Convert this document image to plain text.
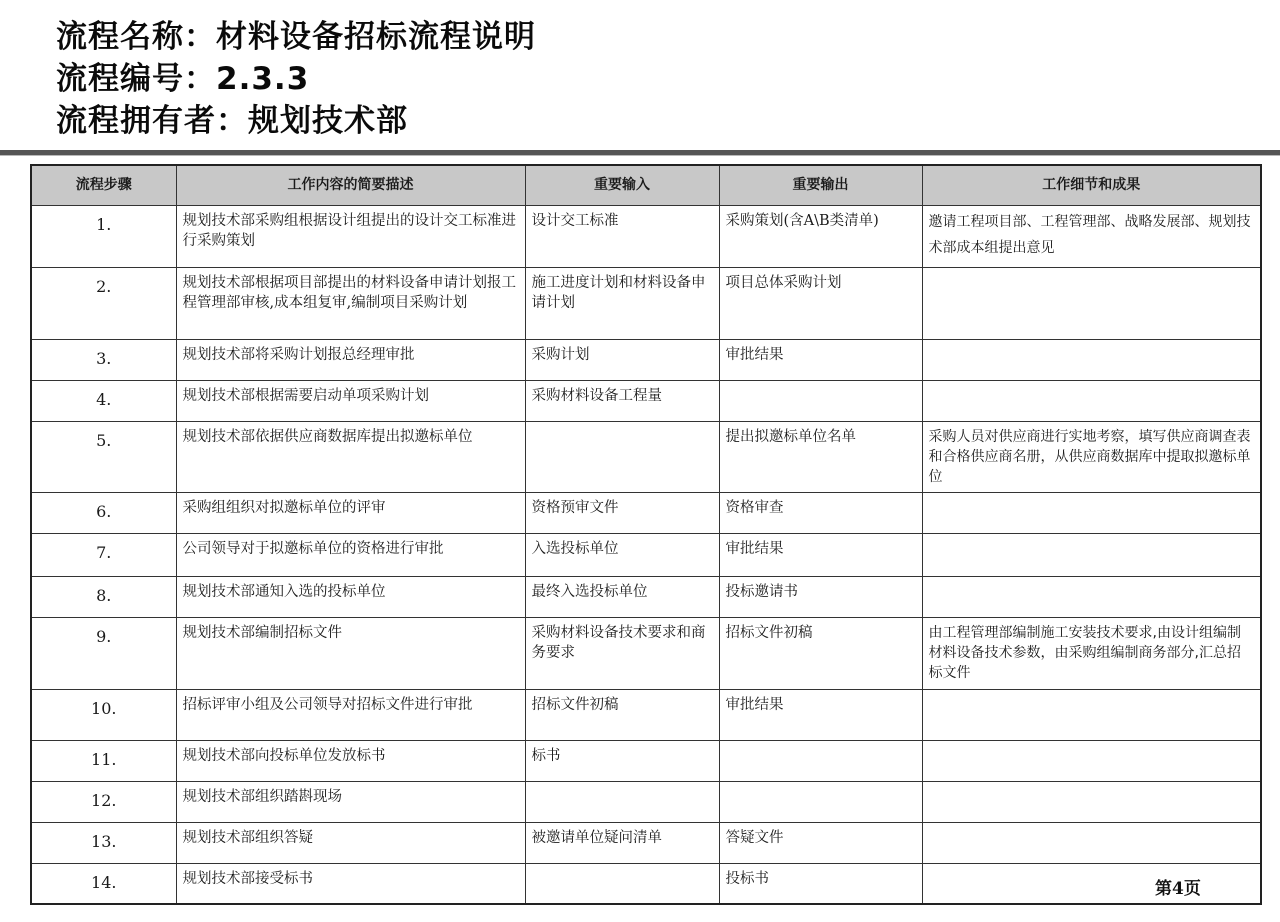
流程名称：材料设备招标流程说明
流程编号：2.3.3
流程拥有者：规划技术部
流程步骤	工作内容的简要描述	重要输入	重要输出	工作细节和成果
1.	规划技术部采购组根据设计组提出的设计交工标准进行采购策划	设计交工标准	采购策划(含A\B类清单)	邀请工程项目部、工程管理部、战略发展部、规划技术部成本组提出意见
2.	规划技术部根据项目部提出的材料设备申请计划报工程管理部审核,成本组复审,编制项目采购计划	施工进度计划和材料设备申请计划	项目总体采购计划	
3.	规划技术部将采购计划报总经理审批	采购计划	审批结果	
4.	规划技术部根据需要启动单项采购计划	采购材料设备工程量		
5.	规划技术部依据供应商数据库提出拟邀标单位		提出拟邀标单位名单	采购人员对供应商进行实地考察，填写供应商调查表和合格供应商名册，从供应商数据库中提取拟邀标单位
6.	采购组组织对拟邀标单位的评审	资格预审文件	资格审查	
7.	公司领导对于拟邀标单位的资格进行审批	入选投标单位	审批结果	
8.	规划技术部通知入选的投标单位	最终入选投标单位	投标邀请书	
9.	规划技术部编制招标文件	采购材料设备技术要求和商务要求	招标文件初稿	由工程管理部编制施工安装技术要求,由设计组编制材料设备技术参数，由采购组编制商务部分,汇总招标文件
10.	招标评审小组及公司领导对招标文件进行审批	招标文件初稿	审批结果	
11.	规划技术部向投标单位发放标书	标书		
12.	规划技术部组织踏斟现场			
13.	规划技术部组织答疑	被邀请单位疑问清单	答疑文件	
14.	规划技术部接受标书		投标书	
第4页
